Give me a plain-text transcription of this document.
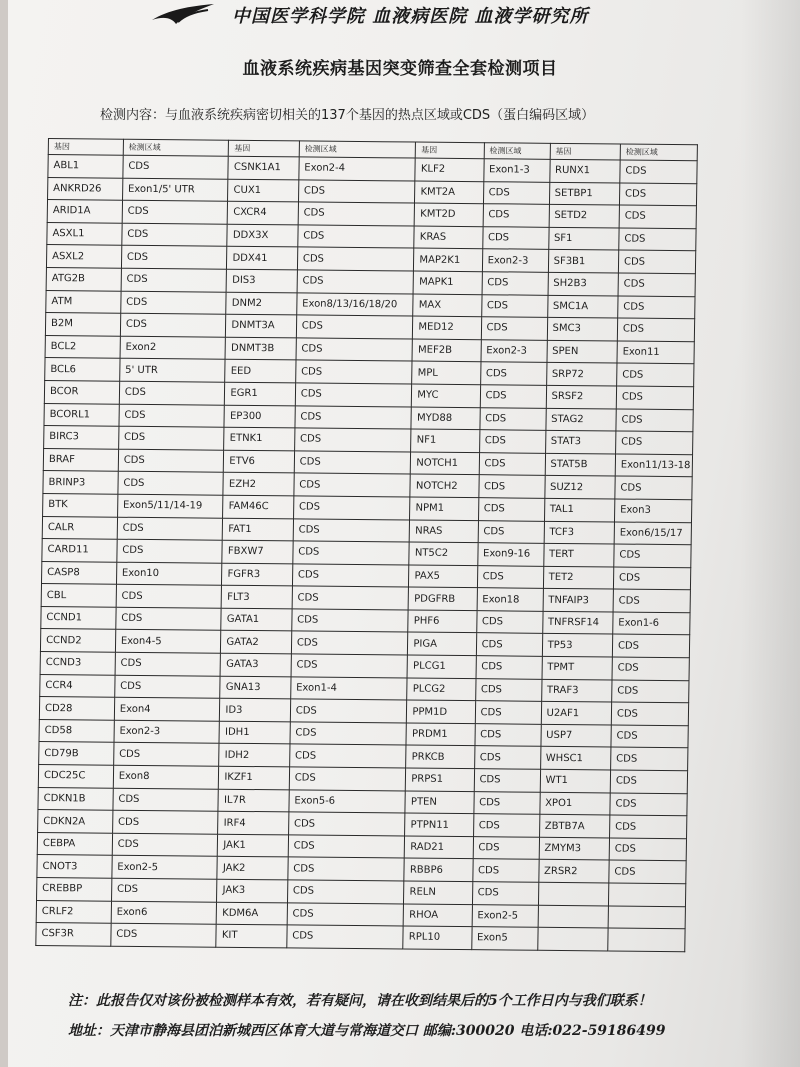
中国医学科学院 血液病医院 血液学研究所
血液系统疾病基因突变筛查全套检测项目
检测内容：与血液系统疾病密切相关的137个基因的热点区域或CDS（蛋白编码区域）
基因	检测区域	基因	检测区域	基因	检测区域	基因	检测区域
ABL1	CDS	CSNK1A1	Exon2-4	KLF2	Exon1-3	RUNX1	CDS
ANKRD26	Exon1/5' UTR	CUX1	CDS	KMT2A	CDS	SETBP1	CDS
ARID1A	CDS	CXCR4	CDS	KMT2D	CDS	SETD2	CDS
ASXL1	CDS	DDX3X	CDS	KRAS	CDS	SF1	CDS
ASXL2	CDS	DDX41	CDS	MAP2K1	Exon2-3	SF3B1	CDS
ATG2B	CDS	DIS3	CDS	MAPK1	CDS	SH2B3	CDS
ATM	CDS	DNM2	Exon8/13/16/18/20	MAX	CDS	SMC1A	CDS
B2M	CDS	DNMT3A	CDS	MED12	CDS	SMC3	CDS
BCL2	Exon2	DNMT3B	CDS	MEF2B	Exon2-3	SPEN	Exon11
BCL6	5' UTR	EED	CDS	MPL	CDS	SRP72	CDS
BCOR	CDS	EGR1	CDS	MYC	CDS	SRSF2	CDS
BCORL1	CDS	EP300	CDS	MYD88	CDS	STAG2	CDS
BIRC3	CDS	ETNK1	CDS	NF1	CDS	STAT3	CDS
BRAF	CDS	ETV6	CDS	NOTCH1	CDS	STAT5B	Exon11/13-18
BRINP3	CDS	EZH2	CDS	NOTCH2	CDS	SUZ12	CDS
BTK	Exon5/11/14-19	FAM46C	CDS	NPM1	CDS	TAL1	Exon3
CALR	CDS	FAT1	CDS	NRAS	CDS	TCF3	Exon6/15/17
CARD11	CDS	FBXW7	CDS	NT5C2	Exon9-16	TERT	CDS
CASP8	Exon10	FGFR3	CDS	PAX5	CDS	TET2	CDS
CBL	CDS	FLT3	CDS	PDGFRB	Exon18	TNFAIP3	CDS
CCND1	CDS	GATA1	CDS	PHF6	CDS	TNFRSF14	Exon1-6
CCND2	Exon4-5	GATA2	CDS	PIGA	CDS	TP53	CDS
CCND3	CDS	GATA3	CDS	PLCG1	CDS	TPMT	CDS
CCR4	CDS	GNA13	Exon1-4	PLCG2	CDS	TRAF3	CDS
CD28	Exon4	ID3	CDS	PPM1D	CDS	U2AF1	CDS
CD58	Exon2-3	IDH1	CDS	PRDM1	CDS	USP7	CDS
CD79B	CDS	IDH2	CDS	PRKCB	CDS	WHSC1	CDS
CDC25C	Exon8	IKZF1	CDS	PRPS1	CDS	WT1	CDS
CDKN1B	CDS	IL7R	Exon5-6	PTEN	CDS	XPO1	CDS
CDKN2A	CDS	IRF4	CDS	PTPN11	CDS	ZBTB7A	CDS
CEBPA	CDS	JAK1	CDS	RAD21	CDS	ZMYM3	CDS
CNOT3	Exon2-5	JAK2	CDS	RBBP6	CDS	ZRSR2	CDS
CREBBP	CDS	JAK3	CDS	RELN	CDS		
CRLF2	Exon6	KDM6A	CDS	RHOA	Exon2-5		
CSF3R	CDS	KIT	CDS	RPL10	Exon5		
注：此报告仅对该份被检测样本有效，若有疑问，请在收到结果后的5个工作日内与我们联系！
地址：天津市静海县团泊新城西区体育大道与常海道交口 邮编:300020 电话:022-59186499
